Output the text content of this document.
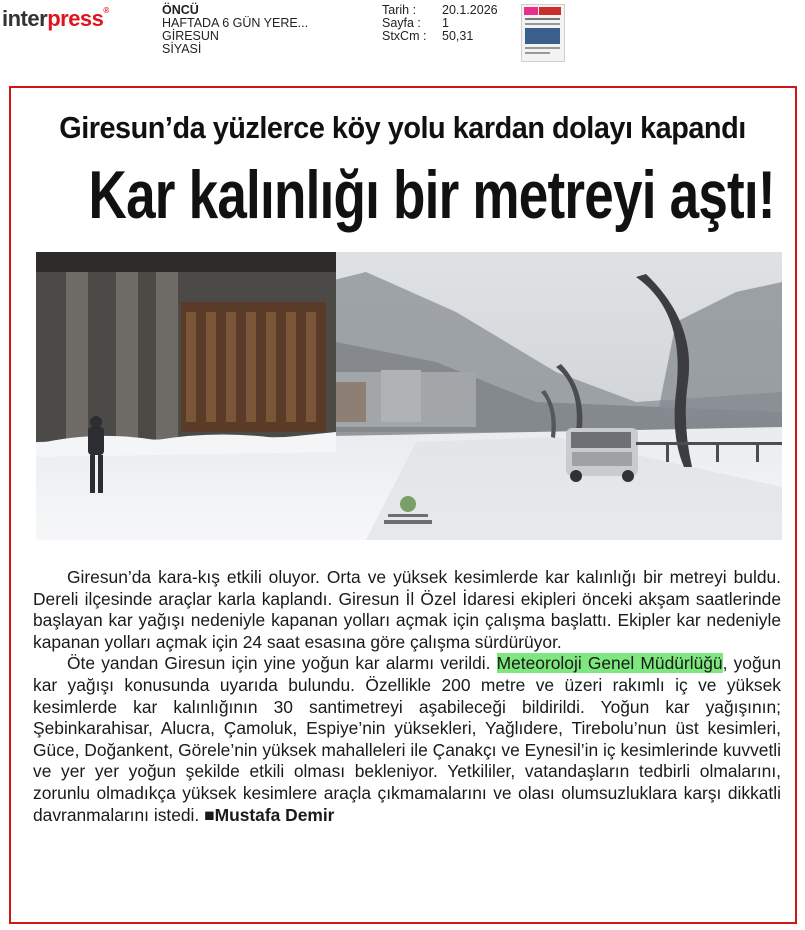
interpress®	ÖNCÜ
HAFTADA 6 GÜN YERE...
GİRESUN
SİYASİ
Tarih :	20.1.2026
Sayfa :	1
StxCm :	50,31
Giresun’da yüzlerce köy yolu kardan dolayı kapandı
Kar kalınlığı bir metreyi aştı!

Giresun’da kara-kış etkili oluyor. Orta ve yüksek kesimlerde kar kalınlığı bir metreyi buldu. Dereli ilçesinde araçlar karla kaplandı. Giresun İl Özel İdaresi ekipleri önceki akşam saatlerinde başlayan kar yağışı nedeniyle kapanan yolları açmak için çalışma başlattı. Ekipler kar nedeniyle kapanan yolları açmak için 24 saat esasına göre çalışma sürdürüyor.

Öte yandan Giresun için yine yoğun kar alarmı verildi. Meteoroloji Genel Müdürlüğü, yoğun kar yağışı konusunda uyarıda bulundu. Özellikle 200 metre ve üzeri rakımlı iç ve yüksek kesimlerde kar kalınlığının 30 santimetreyi aşabileceği bildirildi. Yoğun kar yağışının; Şebinkarahisar, Alucra, Çamoluk, Espiye’nin yüksekleri, Yağlıdere, Tirebolu’nun üst kesimleri, Güce, Doğankent, Görele’nin yüksek mahalleleri ile Çanakçı ve Eynesil’in iç kesimlerinde kuvvetli ve yer yer yoğun şekilde etkili olması bekleniyor. Yetkililer, vatandaşların tedbirli olmalarını, zorunlu olmadıkça yüksek kesimlere araçla çıkmamalarını ve olası olumsuzluklara karşı dikkatli davranmalarını istedi. ■Mustafa Demir
